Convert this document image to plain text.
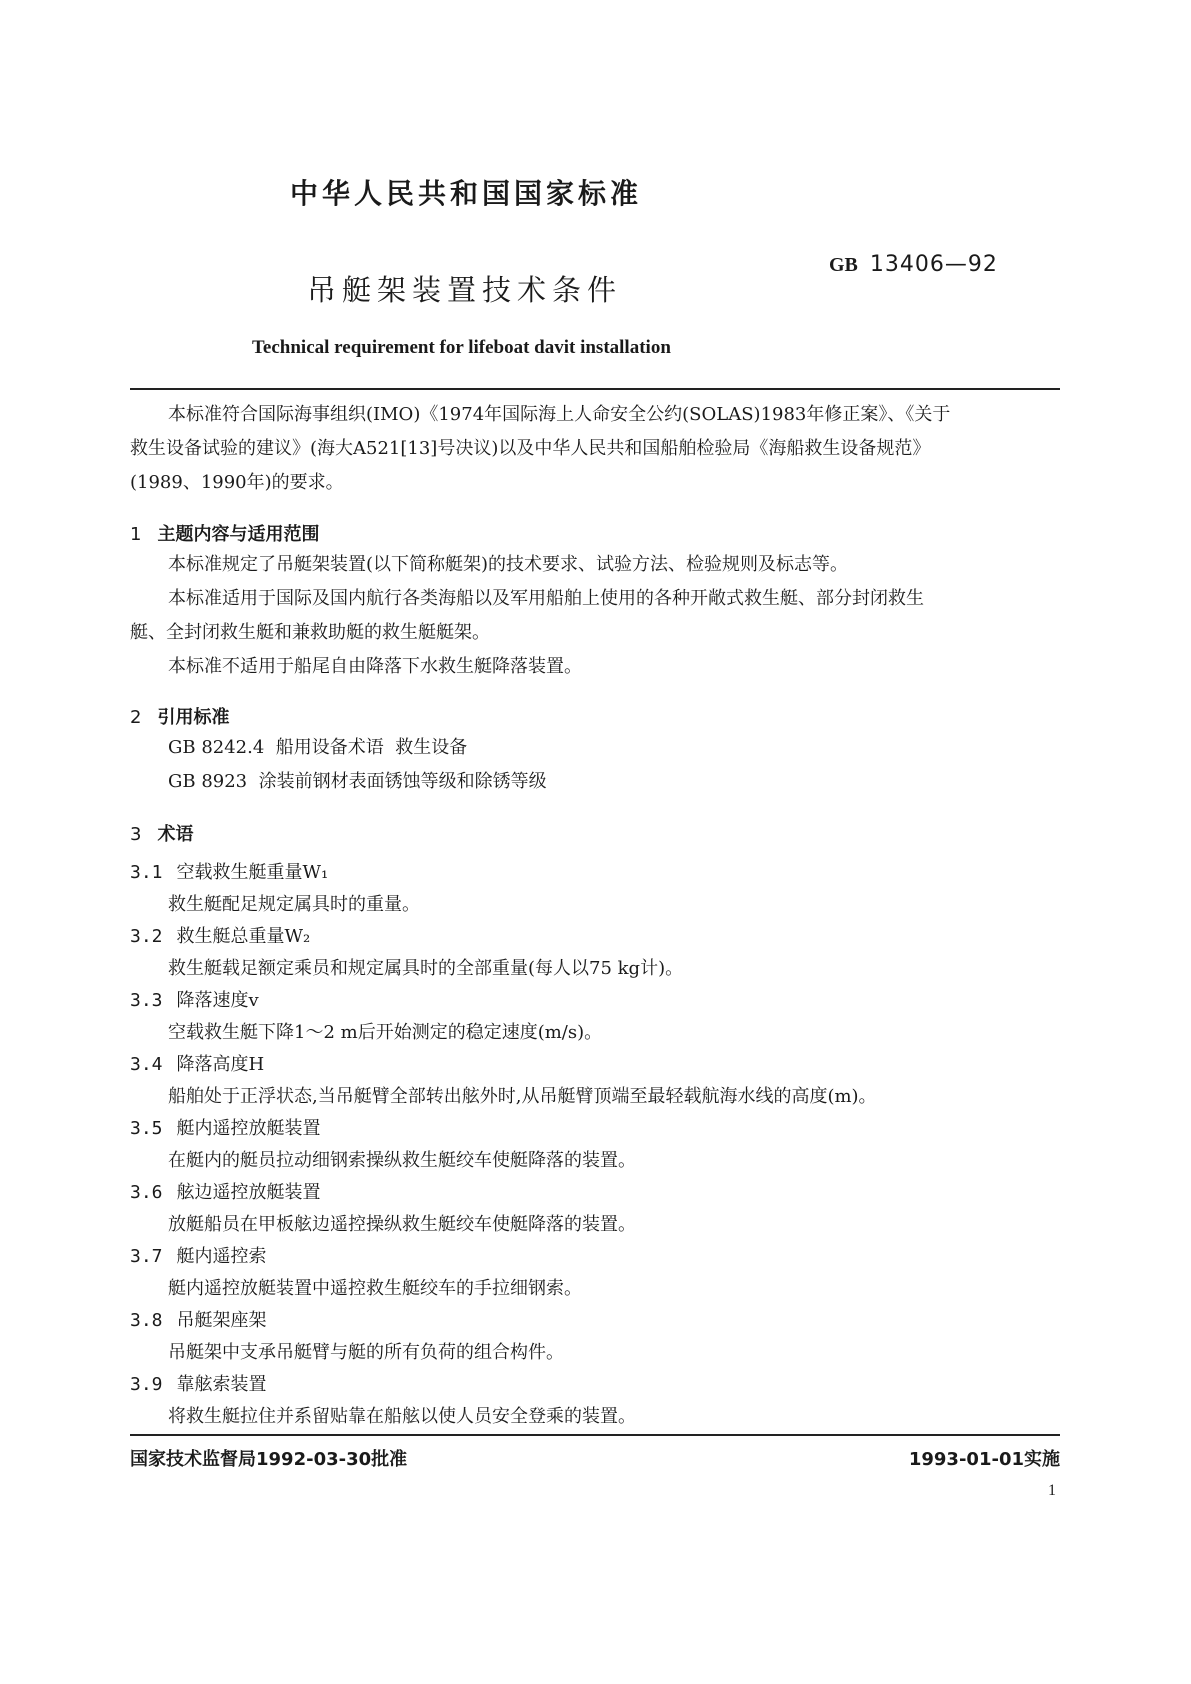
中华人民共和国国家标准
吊艇架装置技术条件
GB 13406—92
Technical requirement for lifeboat davit installation
本标准符合国际海事组织(IMO)《1974年国际海上人命安全公约(SOLAS)1983年修正案》、《关于
救生设备试验的建议》(海大A521[13]号决议)以及中华人民共和国船舶检验局《海船救生设备规范》
(1989、1990年)的要求。
1 主题内容与适用范围
本标准规定了吊艇架装置(以下简称艇架)的技术要求、试验方法、检验规则及标志等。
本标准适用于国际及国内航行各类海船以及军用船舶上使用的各种开敞式救生艇、部分封闭救生
艇、全封闭救生艇和兼救助艇的救生艇艇架。
本标准不适用于船尾自由降落下水救生艇降落装置。
2 引用标准
GB 8242.4  船用设备术语  救生设备
GB 8923  涂装前钢材表面锈蚀等级和除锈等级
3 术语
3.1 空载救生艇重量W₁
救生艇配足规定属具时的重量。
3.2 救生艇总重量W₂
救生艇载足额定乘员和规定属具时的全部重量(每人以75 kg计)。
3.3 降落速度v
空载救生艇下降1～2 m后开始测定的稳定速度(m/s)。
3.4 降落高度H
船舶处于正浮状态,当吊艇臂全部转出舷外时,从吊艇臂顶端至最轻载航海水线的高度(m)。
3.5 艇内遥控放艇装置
在艇内的艇员拉动细钢索操纵救生艇绞车使艇降落的装置。
3.6 舷边遥控放艇装置
放艇船员在甲板舷边遥控操纵救生艇绞车使艇降落的装置。
3.7 艇内遥控索
艇内遥控放艇装置中遥控救生艇绞车的手拉细钢索。
3.8 吊艇架座架
吊艇架中支承吊艇臂与艇的所有负荷的组合构件。
3.9 靠舷索装置
将救生艇拉住并系留贴靠在船舷以使人员安全登乘的装置。
国家技术监督局1992-03-30批准	1993-01-01实施
1
